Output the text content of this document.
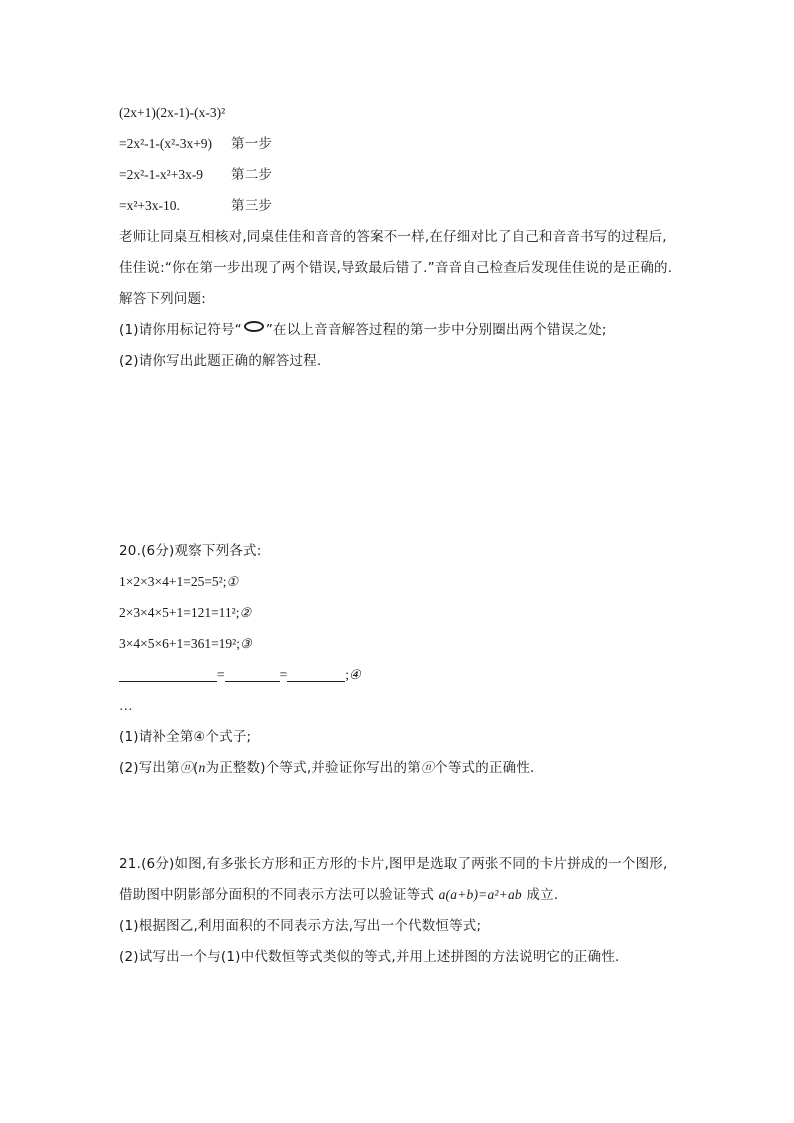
(2x+1)(2x-1)-(x-3)²
=2x²-1-(x²-3x+9) 第一步
=2x²-1-x²+3x-9 第二步
=x²+3x-10.	第三步
老师让同桌互相核对,同桌佳佳和音音的答案不一样,在仔细对比了自己和音音书写的过程后,
佳佳说:“你在第一步出现了两个错误,导致最后错了.”音音自己检查后发现佳佳说的是正确的.
解答下列问题:
(1)请你用标记符号“ ”在以上音音解答过程的第一步中分别圈出两个错误之处;
(2)请你写出此题正确的解答过程.
20.(6分)观察下列各式:
1×2×3×4+1=25=5²;①
2×3×4×5+1=121=11²;②
3×4×5×6+1=361=19²;③
=	=	;④
…
(1)请补全第④个式子;
(2)写出第ⓝ(n为正整数)个等式,并验证你写出的第ⓝ个等式的正确性.
21.(6分)如图,有多张长方形和正方形的卡片,图甲是选取了两张不同的卡片拼成的一个图形,
借助图中阴影部分面积的不同表示方法可以验证等式 a(a+b)=a²+ab 成立.
(1)根据图乙,利用面积的不同表示方法,写出一个代数恒等式;
(2)试写出一个与(1)中代数恒等式类似的等式,并用上述拼图的方法说明它的正确性.
